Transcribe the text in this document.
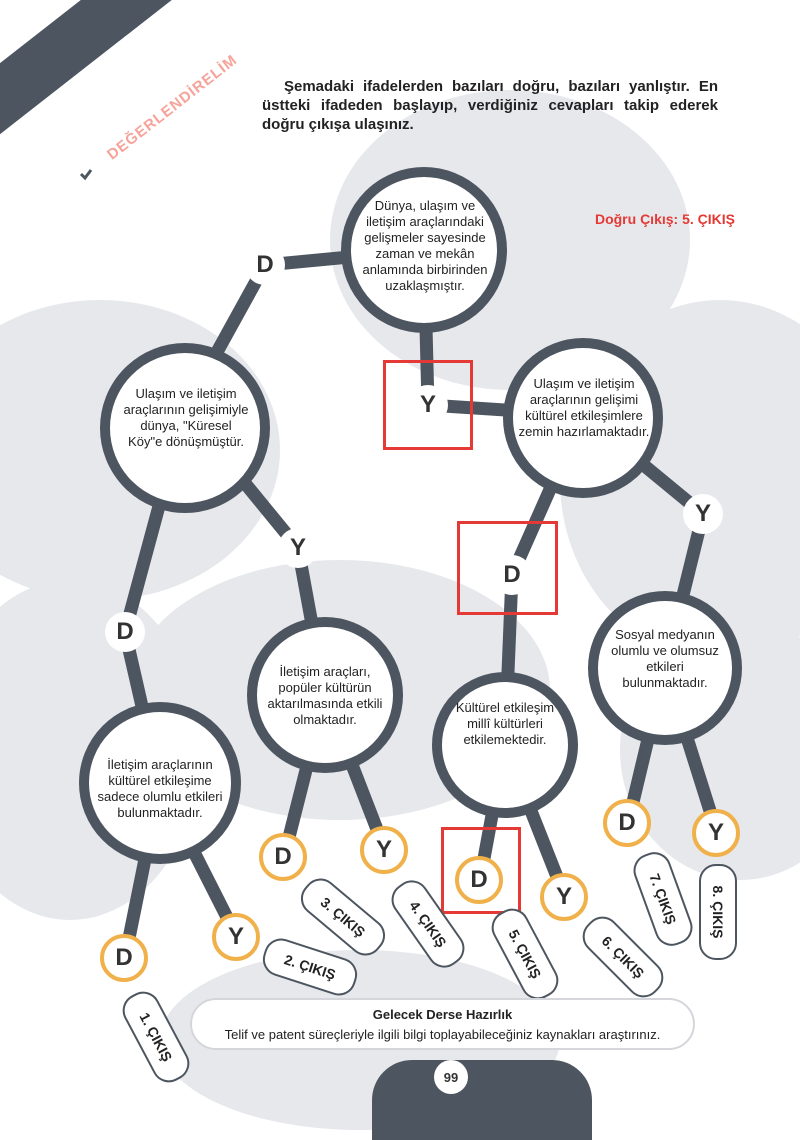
DEĞERLENDİRELİM	Şemadaki ifadelerden bazıları doğru, bazıları yanlıştır. En üstteki ifadeden başlayıp, verdiğiniz cevapları takip ederek doğru çıkışa ulaşınız.
Doğru Çıkış: 5. ÇIKIŞ
Dünya, ulaşım ve iletişim araçlarındaki gelişmeler sayesinde zaman ve mekân anlamında birbirinden uzaklaşmıştır.
Ulaşım ve iletişim araçlarının gelişimiyle dünya, "Küresel Köy"e dönüşmüştür.
Ulaşım ve iletişim araçlarının gelişimi kültürel etkileşimlere zemin hazırlamaktadır.
İletişim araçlarının kültürel etkileşime sadece olumlu etkileri bulunmaktadır.
İletişim araçları, popüler kültürün aktarılmasında etkili olmaktadır.
Kültürel etkileşim millî kültürleri etkilemektedir.
Sosyal medyanın olumlu ve olumsuz etkileri bulunmaktadır.
D
Y
Y
D
D
Y
D
Y
D	Y
D
Y
D	Y
1. ÇIKIŞ
2. ÇIKIŞ
3. ÇIKIŞ	4. ÇIKIŞ
5. ÇIKIŞ	6. ÇIKIŞ
7. ÇIKIŞ	8. ÇIKIŞ
Gelecek Derse Hazırlık
Telif ve patent süreçleriyle ilgili bilgi toplayabileceğiniz kaynakları araştırınız.
99
